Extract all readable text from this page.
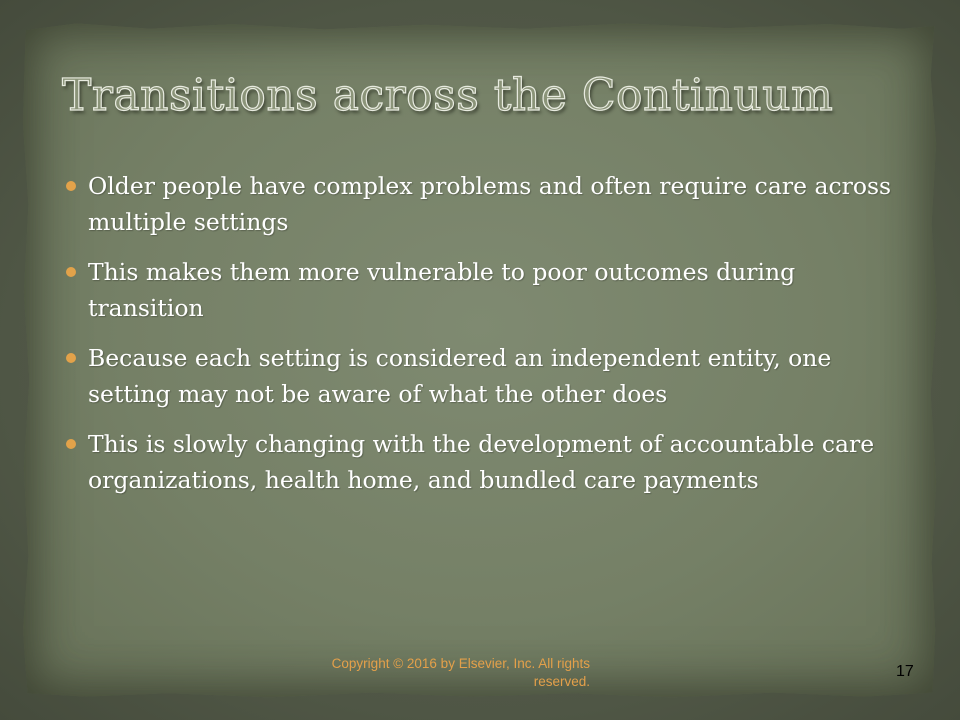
Transitions across the Continuum
Older people have complex problems and often require care across multiple settings
This makes them more vulnerable to poor outcomes during transition
Because each setting is considered an independent entity, one setting may not be aware of what the other does
This is slowly changing with the development of accountable care organizations, health home, and bundled care payments
Copyright © 2016 by Elsevier, Inc. All rights reserved.
17
